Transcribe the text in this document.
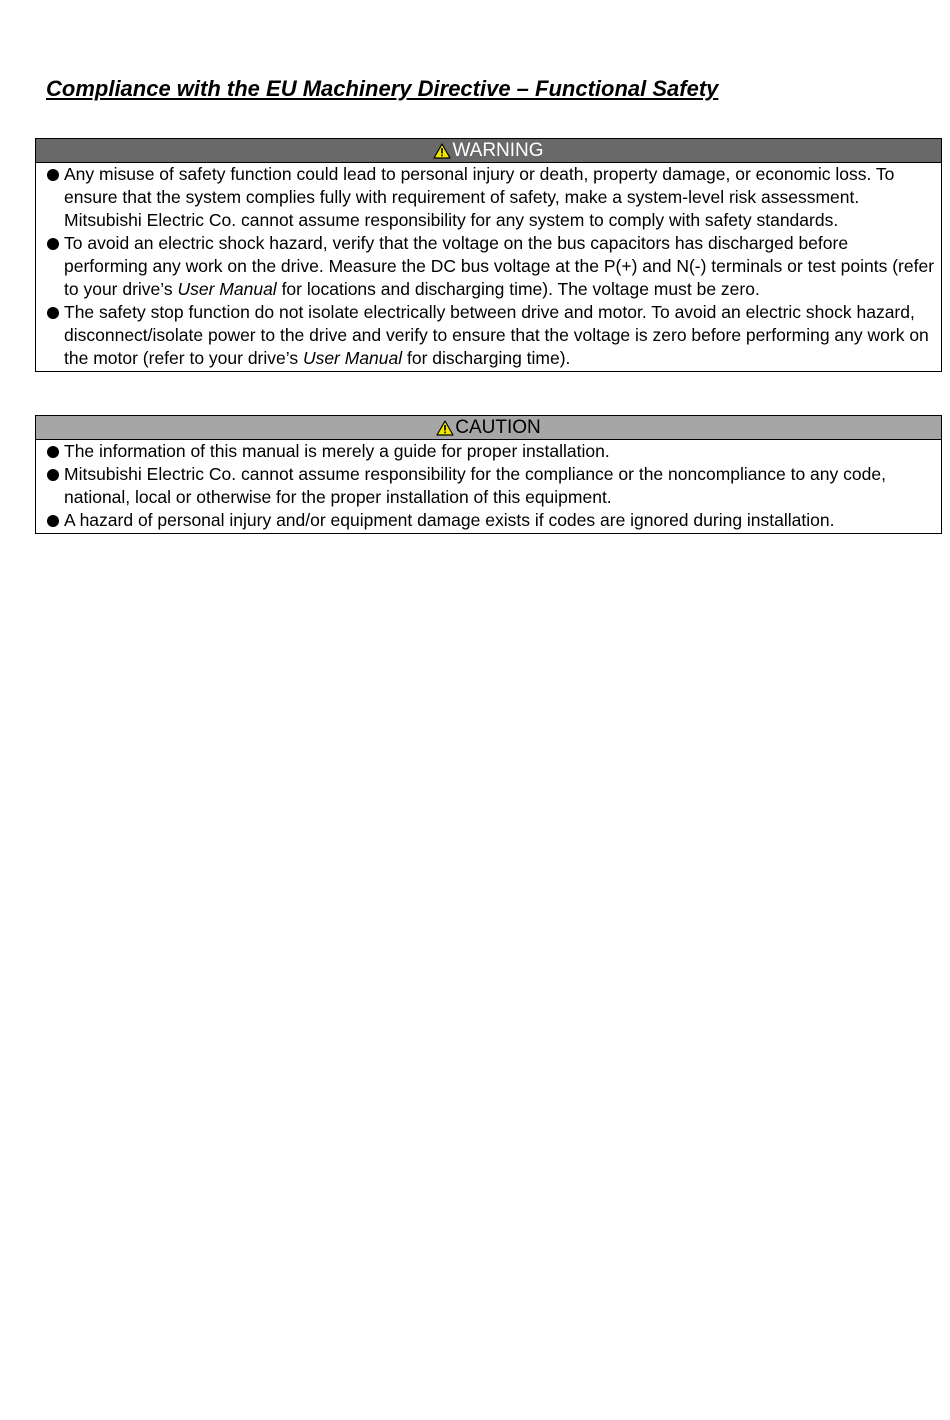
Compliance with the EU Machinery Directive – Functional Safety
WARNING
Any misuse of safety function could lead to personal injury or death, property damage, or economic loss. To ensure that the system complies fully with requirement of safety, make a system-level risk assessment. Mitsubishi Electric Co. cannot assume responsibility for any system to comply with safety standards.
To avoid an electric shock hazard, verify that the voltage on the bus capacitors has discharged before performing any work on the drive. Measure the DC bus voltage at the P(+) and N(-) terminals or test points (refer to your drive’s User Manual for locations and discharging time). The voltage must be zero.
The safety stop function do not isolate electrically between drive and motor. To avoid an electric shock hazard, disconnect/isolate power to the drive and verify to ensure that the voltage is zero before performing any work on the motor (refer to your drive’s User Manual for discharging time).
CAUTION
The information of this manual is merely a guide for proper installation.
Mitsubishi Electric Co. cannot assume responsibility for the compliance or the noncompliance to any code, national, local or otherwise for the proper installation of this equipment.
A hazard of personal injury and/or equipment damage exists if codes are ignored during installation.
